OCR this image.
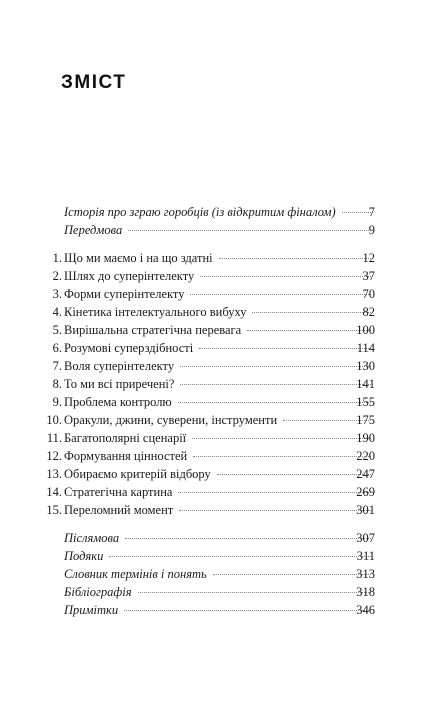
ЗМІСТ
Історія про зграю горобців (із відкритим фіналом)	7
Передмова	9
1. Що ми маємо і на що здатні	12
2. Шлях до суперінтелекту	37
3. Форми суперінтелекту	70
4. Кінетика інтелектуального вибуху	82
5. Вирішальна стратегічна перевага	100
6. Розумові суперздібності	114
7. Воля суперінтелекту	130
8. То ми всі приречені?	141
9. Проблема контролю	155
10. Оракули, джини, суверени, інструменти	175
11. Багатополярні сценарії	190
12. Формування цінностей	220
13. Обираємо критерій відбору	247
14. Стратегічна картина	269
15. Переломний момент	301
Післямова	307
Подяки	311
Словник термінів і понять	313
Бібліографія	318
Примітки	346
